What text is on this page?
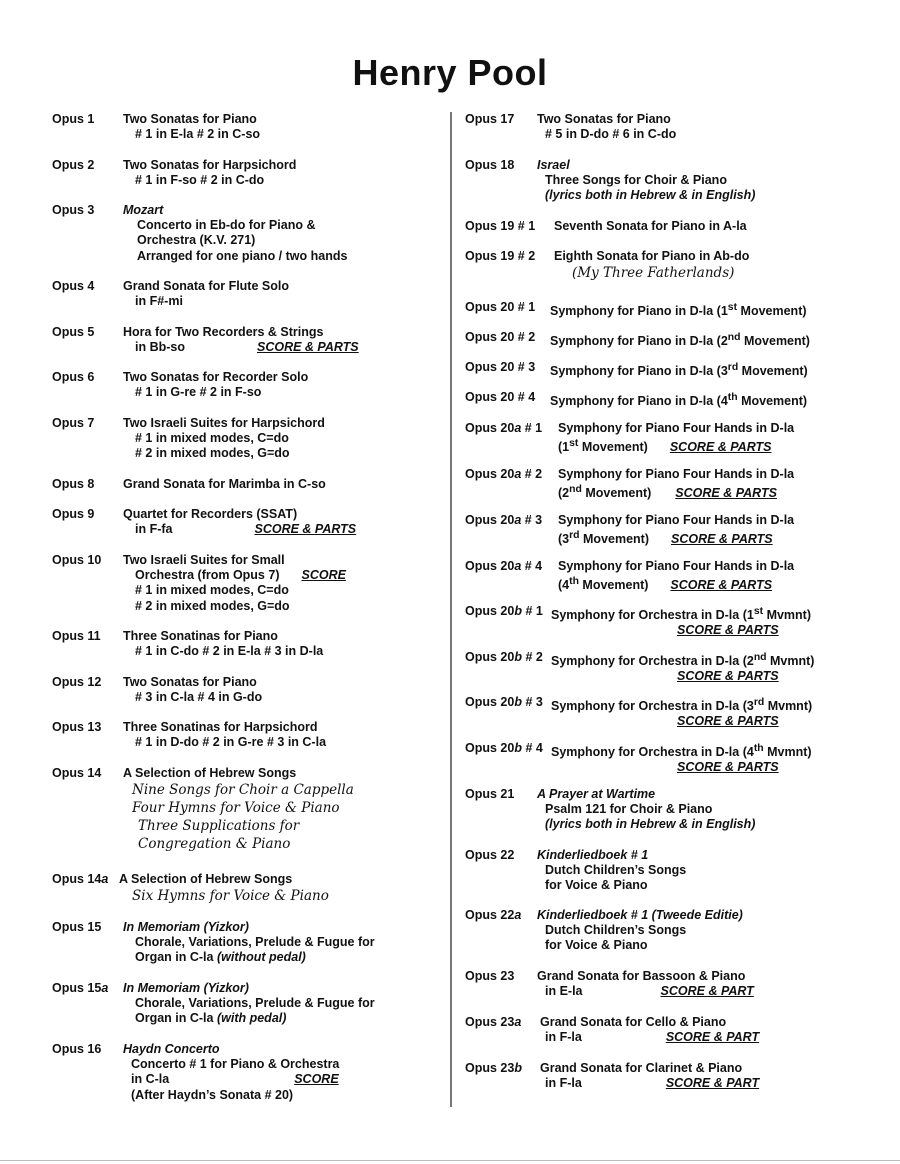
Henry Pool
Opus 1	Two Sonatas for Piano
# 1 in E-la # 2 in C-so
Opus 2	Two Sonatas for Harpsichord
# 1 in F-so # 2 in C-do
Opus 3	Mozart
Concerto in Eb-do for Piano &
Orchestra (K.V. 271)
Arranged for one piano / two hands
Opus 4	Grand Sonata for Flute Solo
in F#-mi
Opus 5	Hora for Two Recorders & Strings
in Bb-so	SCORE & PARTS
Opus 6	Two Sonatas for Recorder Solo
# 1 in G-re # 2 in F-so
Opus 7	Two Israeli Suites for Harpsichord
# 1 in mixed modes, C=do
# 2 in mixed modes, G=do
Opus 8	Grand Sonata for Marimba in C-so
Opus 9	Quartet for Recorders (SSAT)
in F-fa	SCORE & PARTS
Opus 10	Two Israeli Suites for Small
Orchestra (from Opus 7) SCORE
# 1 in mixed modes, C=do
# 2 in mixed modes, G=do
Opus 11	Three Sonatinas for Piano
# 1 in C-do # 2 in E-la # 3 in D-la
Opus 12	Two Sonatas for Piano
# 3 in C-la # 4 in G-do
Opus 13	Three Sonatinas for Harpsichord
# 1 in D-do # 2 in G-re # 3 in C-la
Opus 14	A Selection of Hebrew Songs
Nine Songs for Choir a Cappella
Four Hymns for Voice & Piano
Three Supplications for
Congregation & Piano
Opus 14a A Selection of Hebrew Songs
Six Hymns for Voice & Piano
Opus 15	In Memoriam (Yizkor)
Chorale, Variations, Prelude & Fugue for
Organ in C-la (without pedal)
Opus 15a	In Memoriam (Yizkor)
Chorale, Variations, Prelude & Fugue for
Organ in C-la (with pedal)
Opus 16	Haydn Concerto
Concerto # 1 for Piano & Orchestra
in C-la	SCORE
(After Haydn’s Sonata # 20)
Opus 17	Two Sonatas for Piano
# 5 in D-do # 6 in C-do
Opus 18	Israel
Three Songs for Choir & Piano
(lyrics both in Hebrew & in English)
Opus 19 # 1	Seventh Sonata for Piano in A-la
Opus 19 # 2	Eighth Sonata for Piano in Ab-do
(My Three Fatherlands)
Opus 20 # 1	Symphony for Piano in D-la (1st Movement)
Opus 20 # 2	Symphony for Piano in D-la (2nd Movement)
Opus 20 # 3	Symphony for Piano in D-la (3rd Movement)
Opus 20 # 4	Symphony for Piano in D-la (4th Movement)
Opus 20a # 1	Symphony for Piano Four Hands in D-la
(1st Movement) SCORE & PARTS
Opus 20a # 2	Symphony for Piano Four Hands in D-la
(2nd Movement) SCORE & PARTS
Opus 20a # 3	Symphony for Piano Four Hands in D-la
(3rd Movement) SCORE & PARTS
Opus 20a # 4	Symphony for Piano Four Hands in D-la
(4th Movement) SCORE & PARTS
Opus 20b # 1 Symphony for Orchestra in D-la (1st Mvmnt)
SCORE & PARTS
Opus 20b # 2 Symphony for Orchestra in D-la (2nd Mvmnt)
SCORE & PARTS
Opus 20b # 3 Symphony for Orchestra in D-la (3rd Mvmnt)
SCORE & PARTS
Opus 20b # 4 Symphony for Orchestra in D-la (4th Mvmnt)
SCORE & PARTS
Opus 21	A Prayer at Wartime
Psalm 121 for Choir & Piano
(lyrics both in Hebrew & in English)
Opus 22	Kinderliedboek # 1
Dutch Children’s Songs
for Voice & Piano
Opus 22a	Kinderliedboek # 1 (Tweede Editie)
Dutch Children’s Songs
for Voice & Piano
Opus 23	Grand Sonata for Bassoon & Piano
in E-la	SCORE & PART
Opus 23a	Grand Sonata for Cello & Piano
in F-la	SCORE & PART
Opus 23b	Grand Sonata for Clarinet & Piano
in F-la	SCORE & PART
